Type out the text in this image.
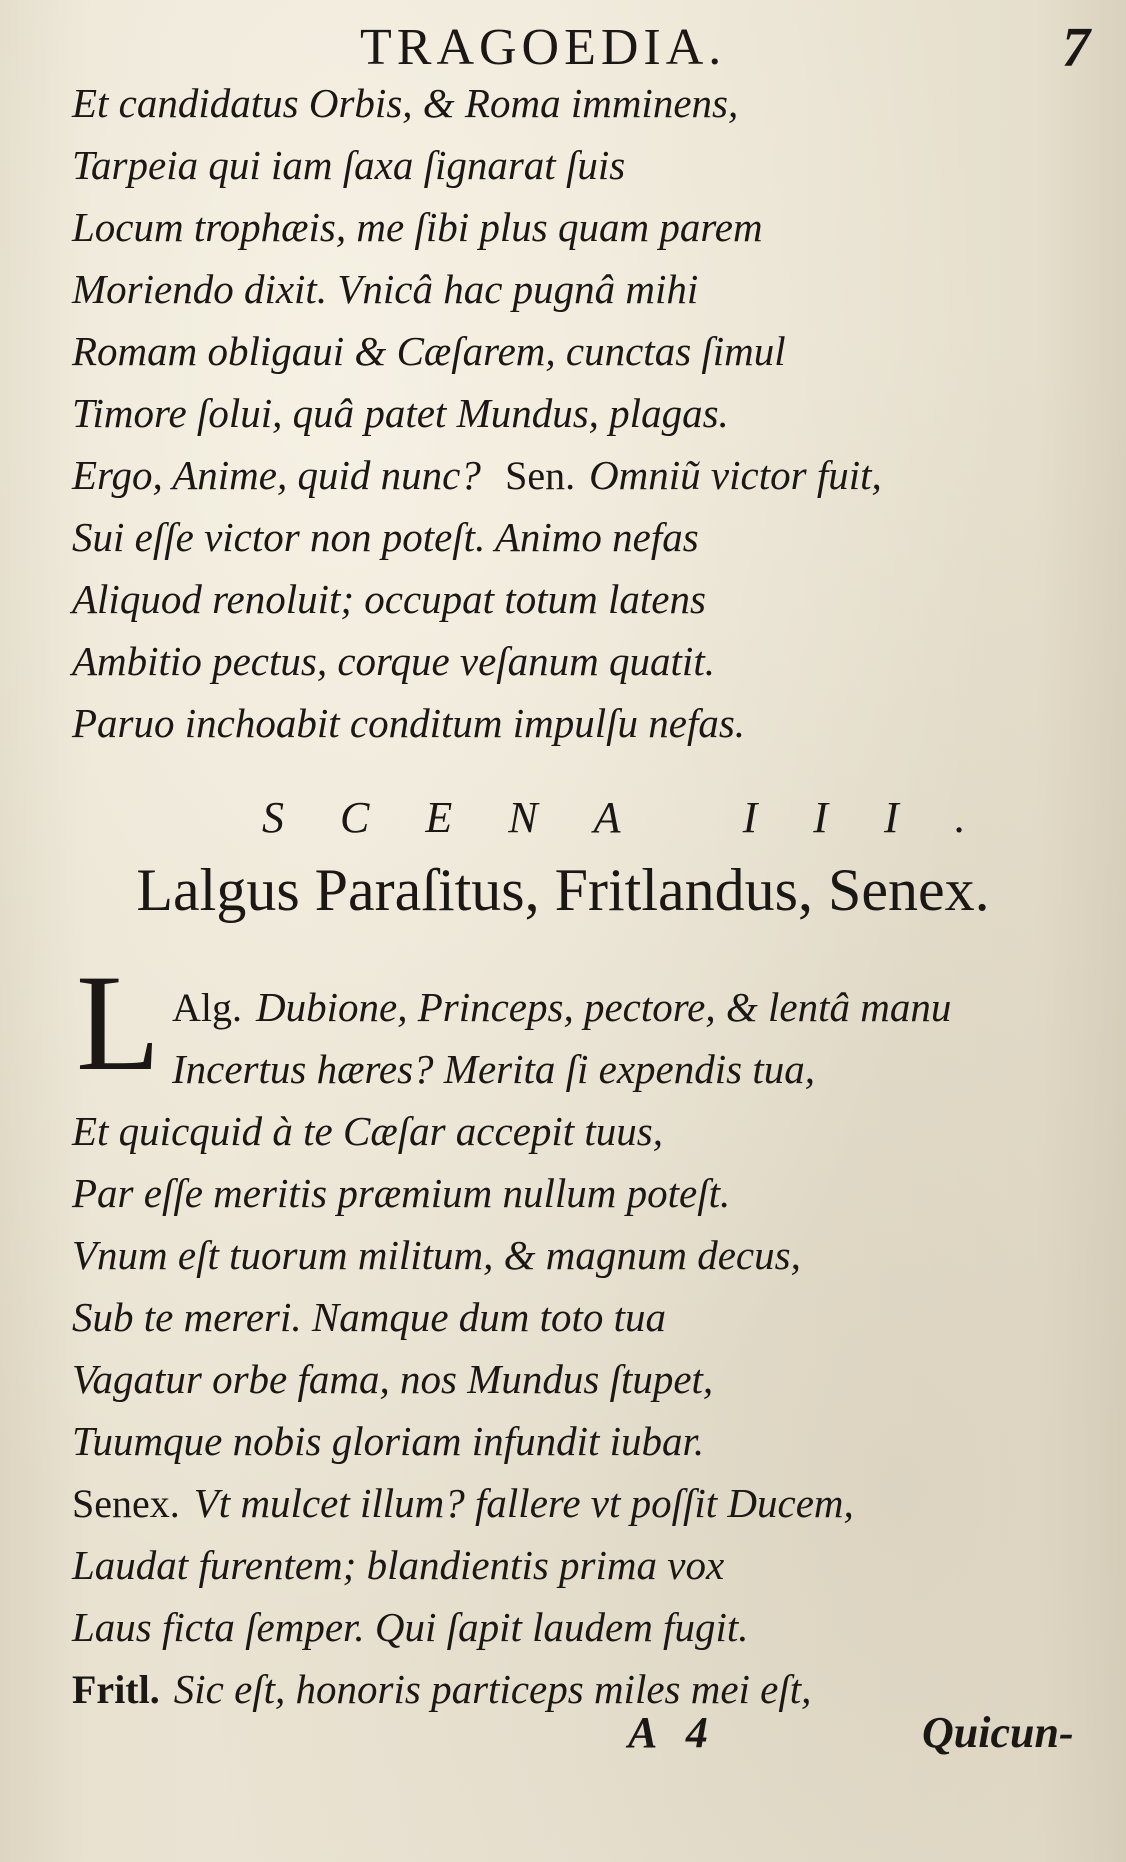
TRAGOEDIA.	7
Et candidatus Orbis, & Roma imminens,
Tarpeia qui iam ſaxa ſignarat ſuis
Locum trophæis, me ſibi plus quam parem
Moriendo dixit. Vnicâ hac pugnâ mihi
Romam obligaui & Cæſarem, cunctas ſimul
Timore ſolui, quâ patet Mundus, plagas.
Ergo, Anime, quid nunc? Sen. Omniũ victor fuit,
Sui eſſe victor non poteſt. Animo nefas
Aliquod renoluit; occupat totum latens
Ambitio pectus, corque veſanum quatit.
Paruo inchoabit conditum impulſu nefas.
SCENA III.
Lalgus Paraſitus, Fritlandus, Senex.
L Alg. Dubione, Princeps, pectore, & lentâ manu
Incertus hæres? Merita ſi expendis tua,
Et quicquid à te Cæſar accepit tuus,
Par eſſe meritis præmium nullum poteſt.
Vnum eſt tuorum militum, & magnum decus,
Sub te mereri. Namque dum toto tua
Vagatur orbe fama, nos Mundus ſtupet,
Tuumque nobis gloriam infundit iubar.
Senex. Vt mulcet illum? fallere vt poſſit Ducem,
Laudat furentem; blandientis prima vox
Laus ficta ſemper. Qui ſapit laudem fugit.
Fritl. Sic eſt, honoris particeps miles mei eſt,
A 4	Quicun-
